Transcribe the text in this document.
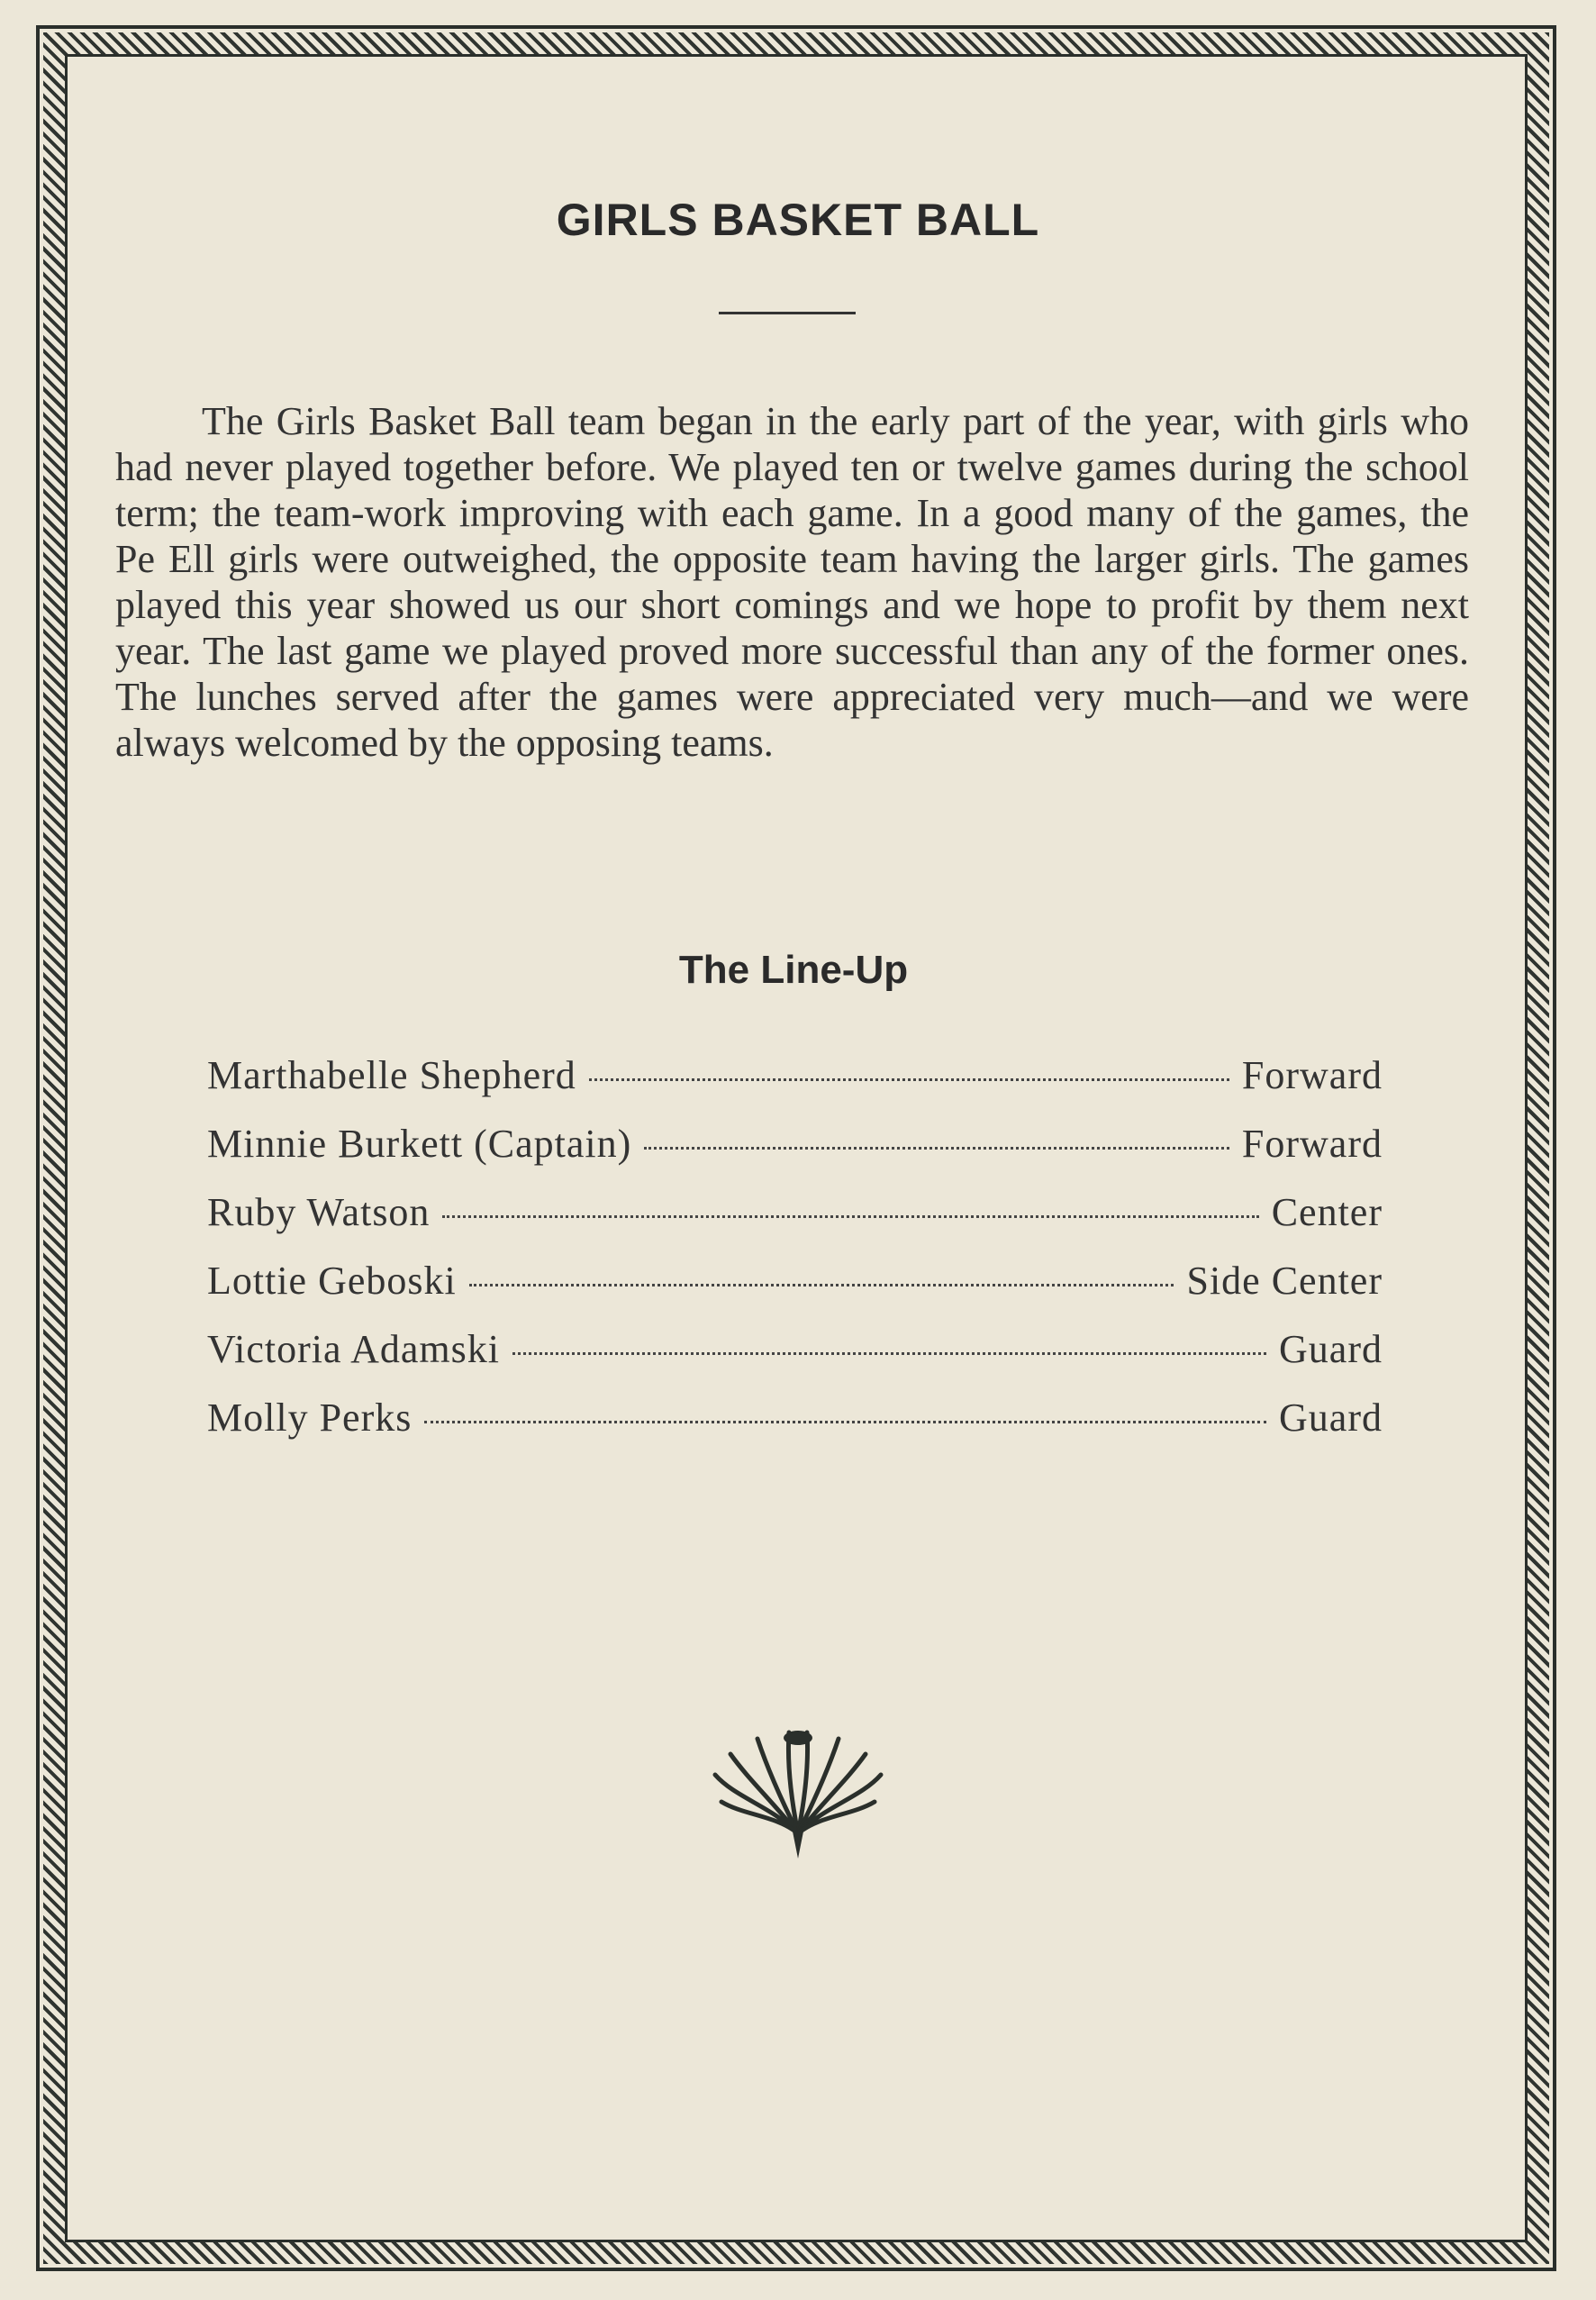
GIRLS BASKET BALL
The Girls Basket Ball team began in the early part of the year, with girls who had never played together before. We played ten or twelve games during the school term; the team-work improving with each game. In a good many of the games, the Pe Ell girls were outweighed, the opposite team having the larger girls. The games played this year showed us our short comings and we hope to profit by them next year. The last game we played proved more successful than any of the former ones. The lunches served after the games were appreciated very much—and we were always welcomed by the opposing teams.
The Line-Up
Marthabelle Shepherd	Forward
Minnie Burkett (Captain)	Forward
Ruby Watson	Center
Lottie Geboski	Side Center
Victoria Adamski	Guard
Molly Perks	Guard
